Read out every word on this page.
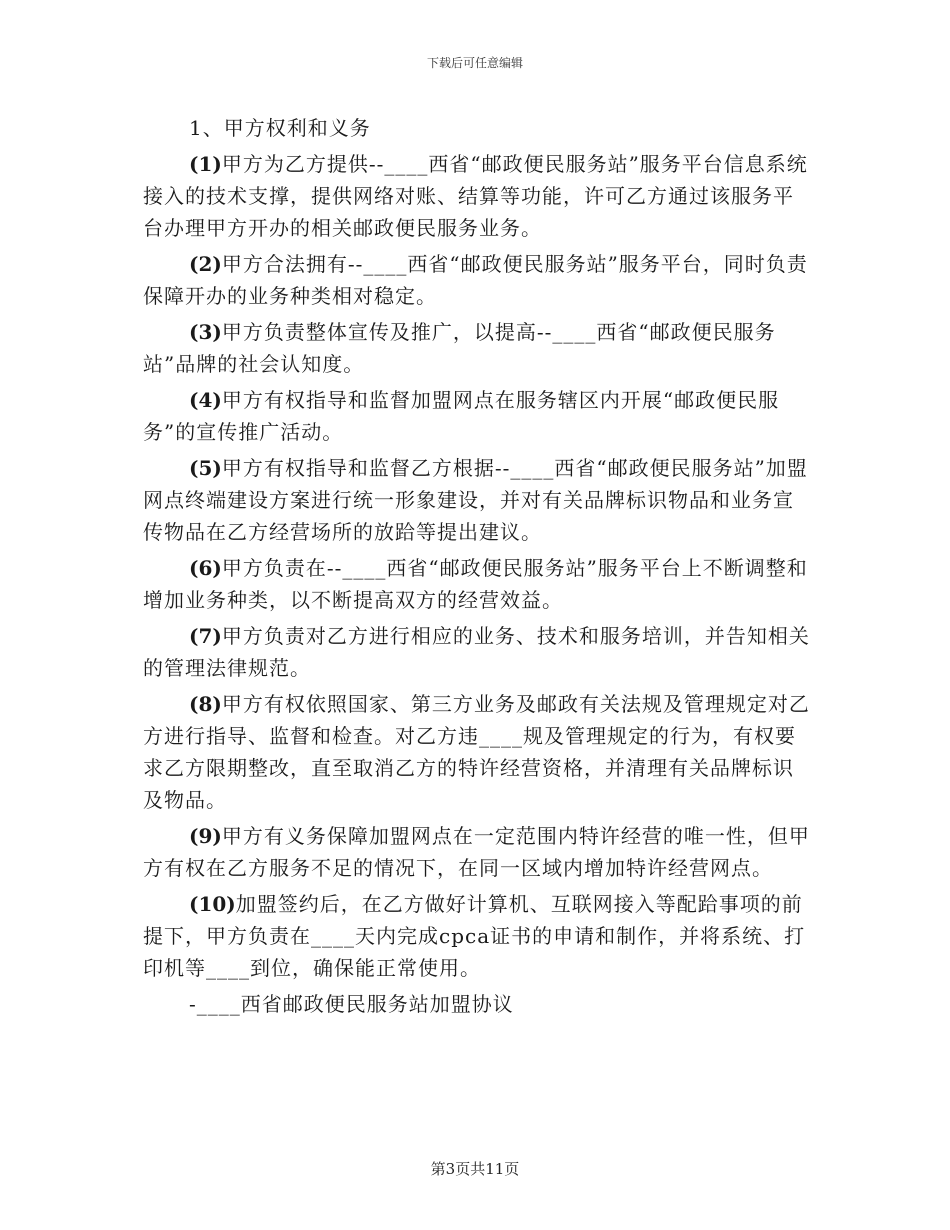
下载后可任意编辑

1、甲方权利和义务

(1)甲方为乙方提供--____西省“邮政便民服务站”服务平台信息系统接入的技术支撑，提供网络对账、结算等功能，许可乙方通过该服务平台办理甲方开办的相关邮政便民服务业务。

(2)甲方合法拥有--____西省“邮政便民服务站”服务平台，同时负责保障开办的业务种类相对稳定。

(3)甲方负责整体宣传及推广，以提高--____西省“邮政便民服务站”品牌的社会认知度。

(4)甲方有权指导和监督加盟网点在服务辖区内开展“邮政便民服务”的宣传推广活动。

(5)甲方有权指导和监督乙方根据--____西省“邮政便民服务站”加盟网点终端建设方案进行统一形象建设，并对有关品牌标识物品和业务宣传物品在乙方经营场所的放跲等提出建议。

(6)甲方负责在--____西省“邮政便民服务站”服务平台上不断调整和增加业务种类，以不断提高双方的经营效益。

(7)甲方负责对乙方进行相应的业务、技术和服务培训，并告知相关的管理法律规范。

(8)甲方有权依照国家、第三方业务及邮政有关法规及管理规定对乙方进行指导、监督和检查。对乙方违____规及管理规定的行为，有权要求乙方限期整改，直至取消乙方的特许经营资格，并清理有关品牌标识及物品。

(9)甲方有义务保障加盟网点在一定范围内特许经营的唯一性，但甲方有权在乙方服务不足的情况下，在同一区域内增加特许经营网点。

(10)加盟签约后，在乙方做好计算机、互联网接入等配跲事项的前提下，甲方负责在____天内完成cpca证书的申请和制作，并将系统、打印机等____到位，确保能正常使用。

-____西省邮政便民服务站加盟协议

第3页共11页
